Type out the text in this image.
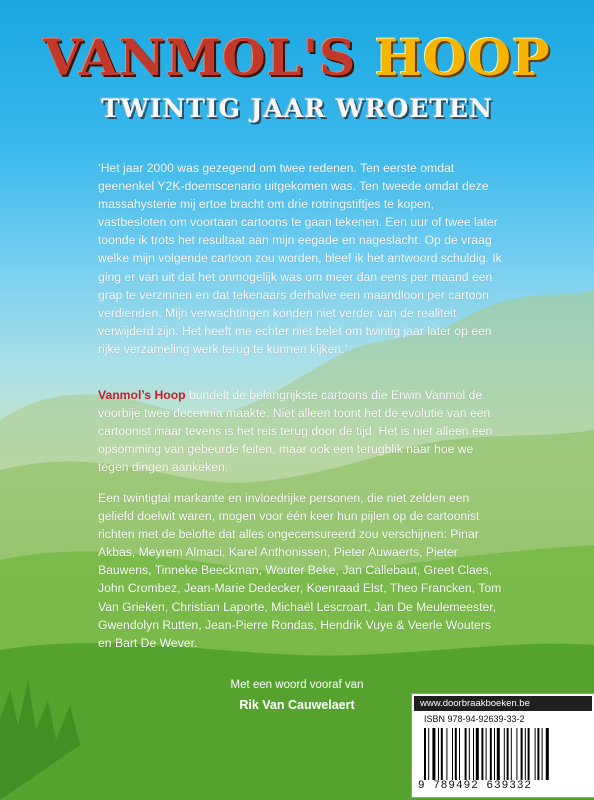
VANMOL'S HOOP
TWINTIG JAAR WROETEN
‘Het jaar 2000 was gezegend om twee redenen. Ten eerste omdat geenenkel Y2K-doemscenario uitgekomen was. Ten tweede omdat deze massahysterie mij ertoe bracht om drie rotringstiftjes te kopen, vastbesloten om voortaan cartoons te gaan tekenen. Een uur of twee later toonde ik trots het resultaat aan mijn eegade en nageslacht. Op de vraag welke mijn volgende cartoon zou worden, bleef ik het antwoord schuldig. Ik ging er van uit dat het onmogelijk was om meer dan eens per maand een grap te verzinnen en dat tekenaars derhalve een maandloon per cartoon verdienden. Mijn verwachtingen konden niet verder van de realiteit verwijderd zijn. Het heeft me echter niet belet om twintig jaar later op een rijke verzameling werk terug te kunnen kijken.’
Vanmol’s Hoop bundelt de belangrijkste cartoons die Erwin Vanmol de voorbije twee decennia maakte. Niet alleen toont het de evolutie van een cartoonist maar tevens is het reis terug door de tijd. Het is niet alleen een opsomming van gebeurde feiten, maar ook een terugblik naar hoe we tegen dingen aankeken.
Een twintigtal markante en invloedrijke personen, die niet zelden een geliefd doelwit waren, mogen voor één keer hun pijlen op de cartoonist richten met de belofte dat alles ongecensureerd zou verschijnen: Pinar Akbas, Meyrem Almaci, Karel Anthonissen, Pieter Auwaerts, Pieter Bauwens, Tinneke Beeckman, Wouter Beke, Jan Callebaut, Greet Claes, John Crombez, Jean-Marie Dedecker, Koenraad Elst, Theo Francken, Tom Van Grieken, Christian Laporte, Michaël Lescroart, Jan De Meulemeester, Gwendolyn Rutten, Jean-Pierre Rondas, Hendrik Vuye & Veerle Wouters en Bart De Wever.
Met een woord vooraf van
Rik Van Cauwelaert	www.doorbraakboeken.be
ISBN 978-94-92639-33-2
9 789492 639332
